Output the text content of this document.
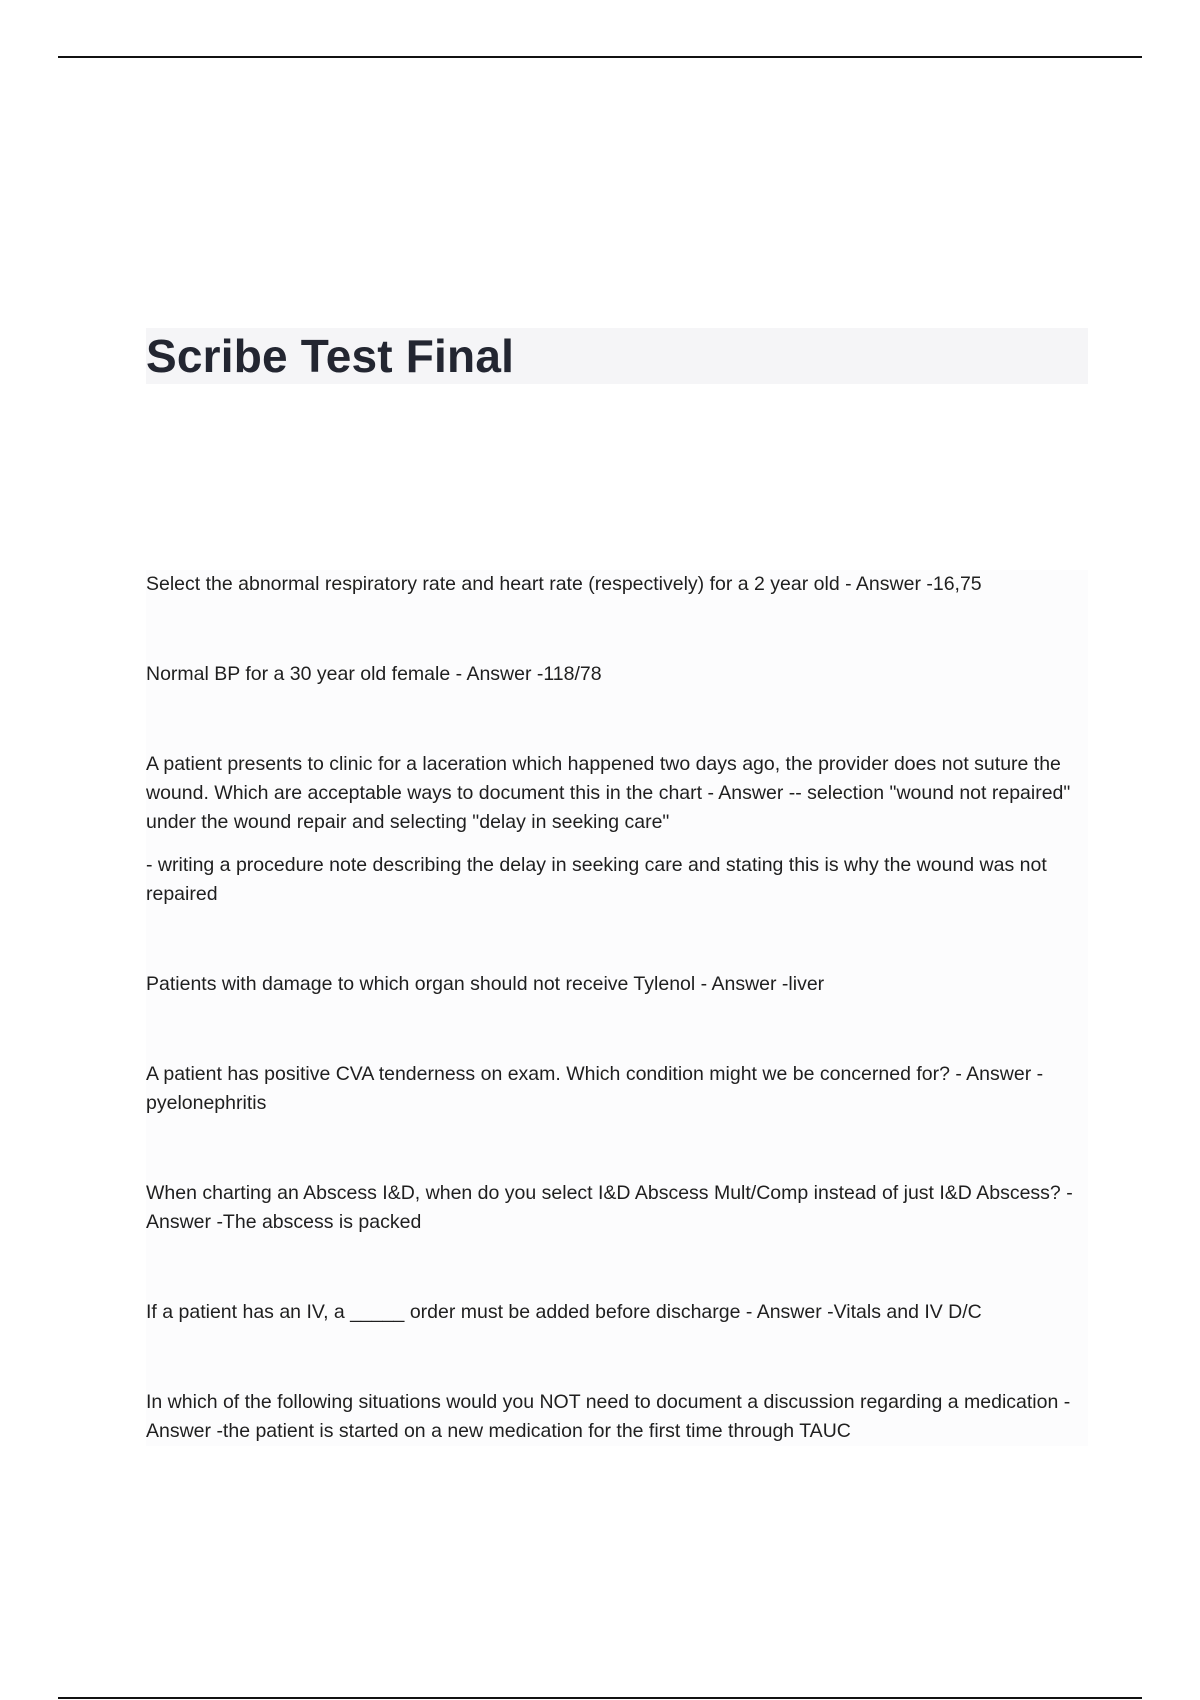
Scribe Test Final

Select the abnormal respiratory rate and heart rate (respectively) for a 2 year old - Answer -16,75

Normal BP for a 30 year old female - Answer -118/78

A patient presents to clinic for a laceration which happened two days ago, the provider does not suture the wound. Which are acceptable ways to document this in the chart - Answer -- selection "wound not repaired" under the wound repair and selecting "delay in seeking care"

- writing a procedure note describing the delay in seeking care and stating this is why the wound was not repaired

Patients with damage to which organ should not receive Tylenol - Answer -liver

A patient has positive CVA tenderness on exam. Which condition might we be concerned for? - Answer -pyelonephritis

When charting an Abscess I&D, when do you select I&D Abscess Mult/Comp instead of just I&D Abscess? - Answer -The abscess is packed

If a patient has an IV, a _____ order must be added before discharge - Answer -Vitals and IV D/C

In which of the following situations would you NOT need to document a discussion regarding a medication - Answer -the patient is started on a new medication for the first time through TAUC
